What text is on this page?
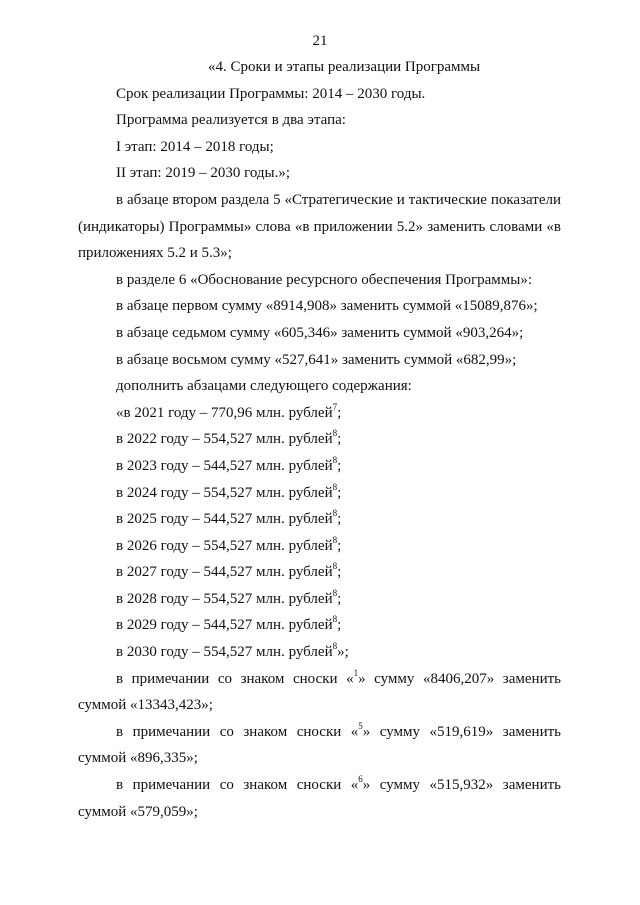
21

«4. Сроки и этапы реализации Программы

Срок реализации Программы: 2014 – 2030 годы.

Программа реализуется в два этапа:

I этап: 2014 – 2018 годы;

II этап: 2019 – 2030 годы.»;

в абзаце втором раздела 5 «Стратегические и тактические показатели (индикаторы) Программы» слова «в приложении 5.2» заменить словами «в приложениях 5.2 и 5.3»;

в разделе 6 «Обоснование ресурсного обеспечения Программы»:

в абзаце первом сумму «8914,908» заменить суммой «15089,876»;

в абзаце седьмом сумму «605,346» заменить суммой «903,264»;

в абзаце восьмом сумму «527,641» заменить суммой «682,99»;

дополнить абзацами следующего содержания:

«в 2021 году – 770,96 млн. рублей$^7$;

в 2022 году – 554,527 млн. рублей$^8$;

в 2023 году – 544,527 млн. рублей$^8$;

в 2024 году – 554,527 млн. рублей$^8$;

в 2025 году – 544,527 млн. рублей$^8$;

в 2026 году – 554,527 млн. рублей$^8$;

в 2027 году – 544,527 млн. рублей$^8$;

в 2028 году – 554,527 млн. рублей$^8$;

в 2029 году – 544,527 млн. рублей$^8$;

в 2030 году – 554,527 млн. рублей$^8$»;

в примечании со знаком сноски «$^1$» сумму «8406,207» заменить суммой «13343,423»;

в примечании со знаком сноски «$^5$» сумму «519,619» заменить суммой «896,335»;

в примечании со знаком сноски «$^6$» сумму «515,932» заменить суммой «579,059»;
